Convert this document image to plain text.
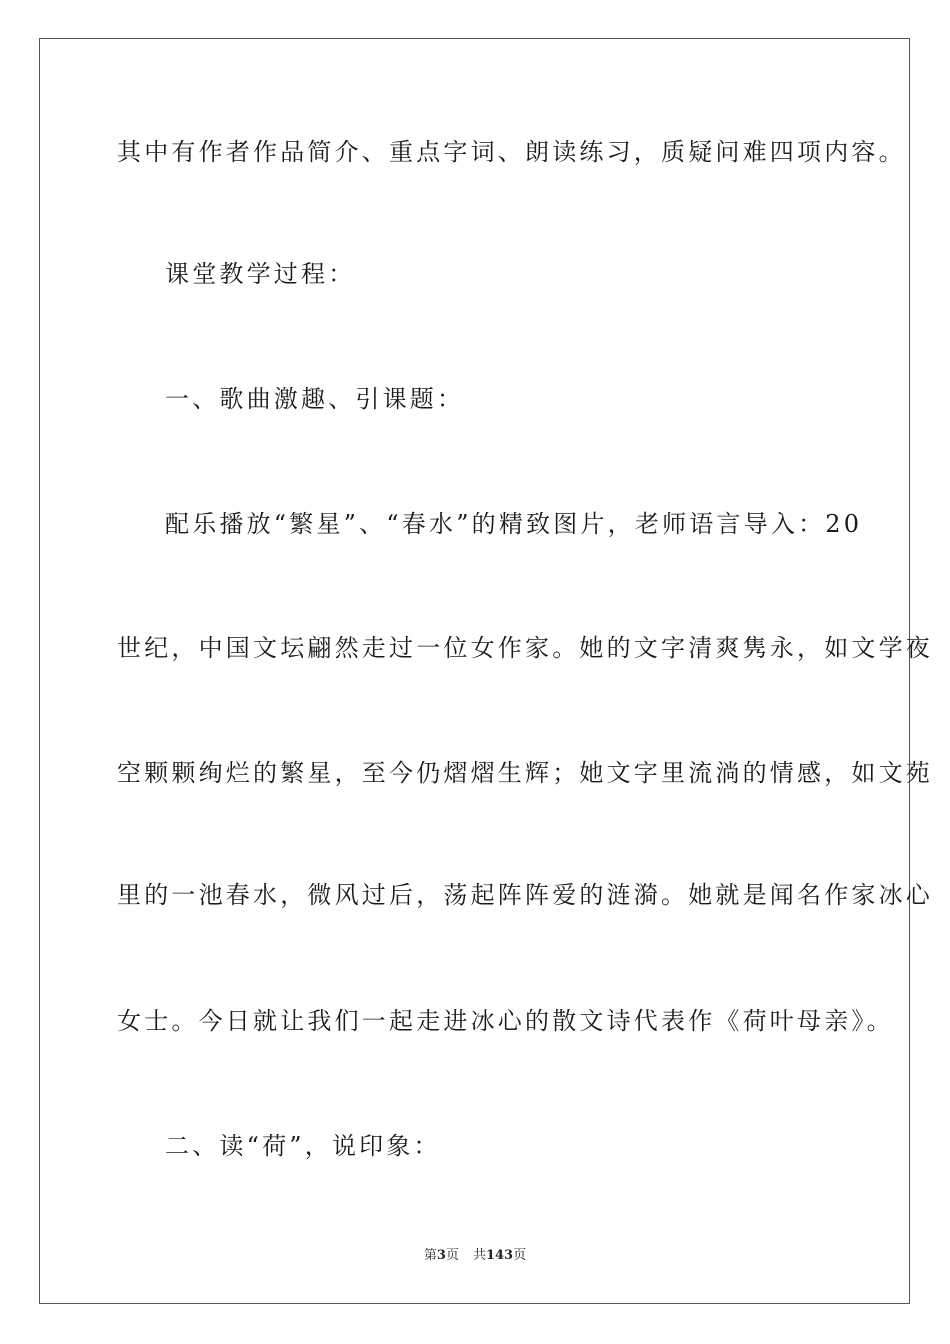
其中有作者作品简介、重点字词、朗读练习，质疑问难四项内容。
课堂教学过程：
一、歌曲激趣、引课题：
配乐播放“繁星”、“春水”的精致图片，老师语言导入：20
世纪，中国文坛翩然走过一位女作家。她的文字清爽隽永，如文学夜
空颗颗绚烂的繁星，至今仍熠熠生辉；她文字里流淌的情感，如文苑
里的一池春水，微风过后，荡起阵阵爱的涟漪。她就是闻名作家冰心
女士。今日就让我们一起走进冰心的散文诗代表作《荷叶母亲》。
二、读“荷”，说印象：
第3页 共143页
